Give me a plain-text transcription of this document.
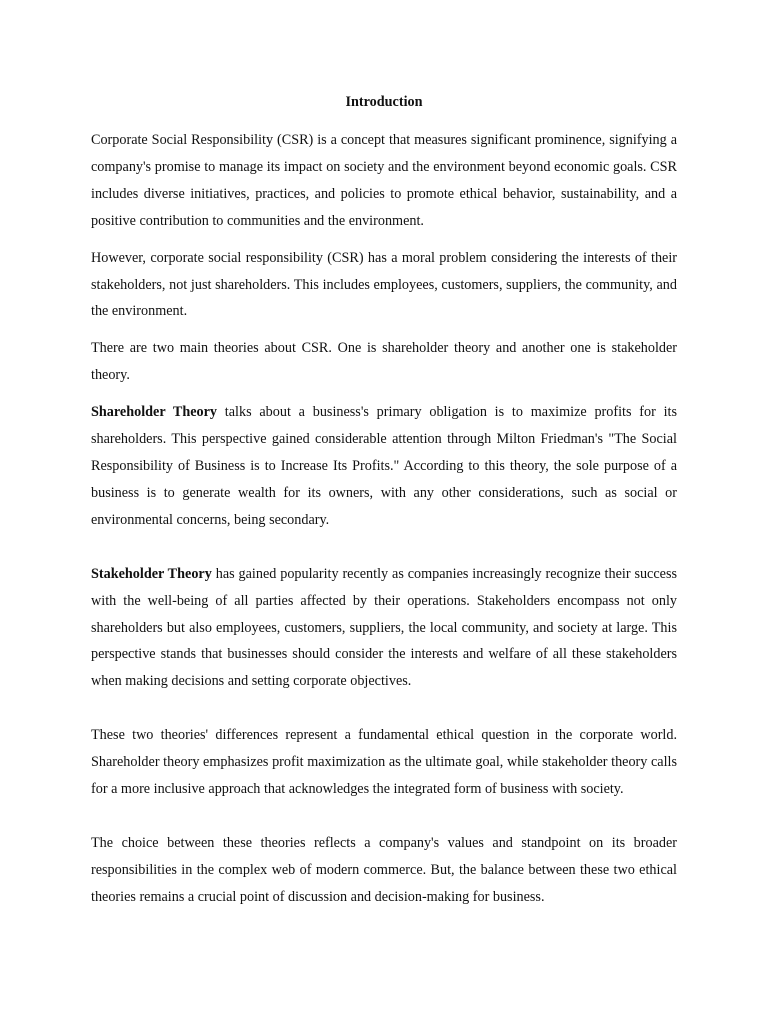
Introduction

Corporate Social Responsibility (CSR) is a concept that measures significant prominence, signifying a company's promise to manage its impact on society and the environment beyond economic goals. CSR includes diverse initiatives, practices, and policies to promote ethical behavior, sustainability, and a positive contribution to communities and the environment.

However, corporate social responsibility (CSR) has a moral problem considering the interests of their stakeholders, not just shareholders. This includes employees, customers, suppliers, the community, and the environment.

There are two main theories about CSR. One is shareholder theory and another one is stakeholder theory.

Shareholder Theory talks about a business's primary obligation is to maximize profits for its shareholders. This perspective gained considerable attention through Milton Friedman's "The Social Responsibility of Business is to Increase Its Profits." According to this theory, the sole purpose of a business is to generate wealth for its owners, with any other considerations, such as social or environmental concerns, being secondary.

Stakeholder Theory has gained popularity recently as companies increasingly recognize their success with the well-being of all parties affected by their operations. Stakeholders encompass not only shareholders but also employees, customers, suppliers, the local community, and society at large. This perspective stands that businesses should consider the interests and welfare of all these stakeholders when making decisions and setting corporate objectives.

These two theories' differences represent a fundamental ethical question in the corporate world. Shareholder theory emphasizes profit maximization as the ultimate goal, while stakeholder theory calls for a more inclusive approach that acknowledges the integrated form of business with society.

The choice between these theories reflects a company's values and standpoint on its broader responsibilities in the complex web of modern commerce. But, the balance between these two ethical theories remains a crucial point of discussion and decision-making for business.
